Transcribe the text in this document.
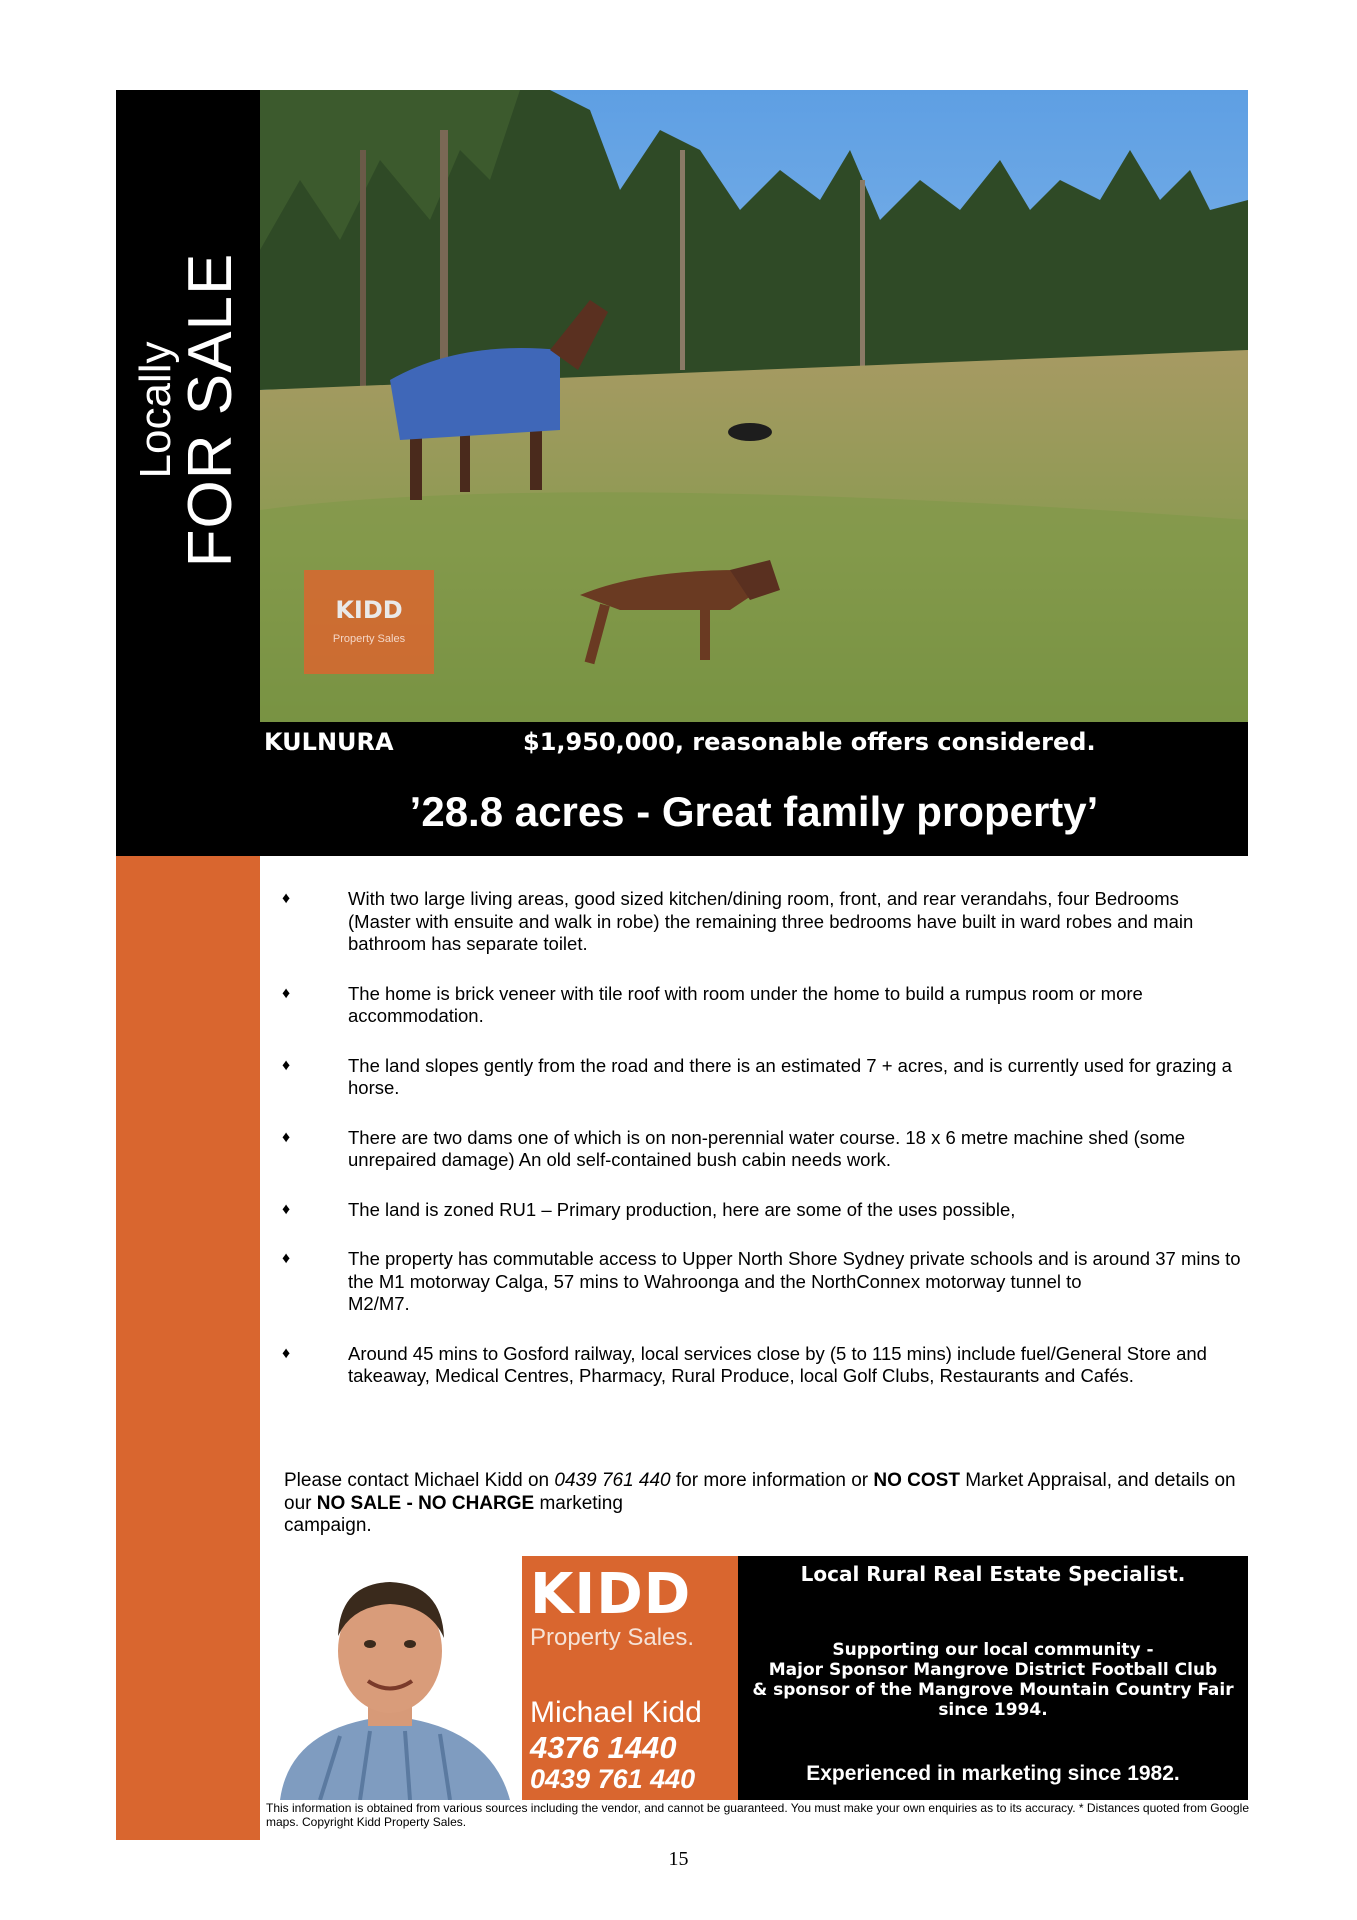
Locally
FOR SALE
KIDD
Property Sales
KULNURA	$1,950,000, reasonable offers considered.
’28.8 acres - Great family property’
♦	With two large living areas, good sized kitchen/dining room, front, and rear verandahs, four Bedrooms (Master with ensuite and walk in robe) the remaining three bedrooms have built in ward robes and main bathroom has separate toilet.
♦	The home is brick veneer with tile roof with room under the home to build a rumpus room or more accommodation.
♦	The land slopes gently from the road and there is an estimated 7 + acres, and is currently used for grazing a horse.
♦	There are two dams one of which is on non-perennial water course. 18 x 6 metre machine shed (some unrepaired damage) An old self-contained bush cabin needs work.
♦	The land is zoned RU1 – Primary production, here are some of the uses possible,
♦	The property has commutable access to Upper North Shore Sydney private schools and is around 37 mins to the M1 motorway Calga, 57 mins to Wahroonga and the NorthConnex motorway tunnel to
M2/M7.
♦	Around 45 mins to Gosford railway, local services close by (5 to 115 mins) include fuel/General Store and takeaway, Medical Centres, Pharmacy, Rural Produce, local Golf Clubs, Restaurants and Cafés.
Please contact Michael Kidd on 0439 761 440 for more information or NO COST Market Appraisal, and details on our NO SALE - NO CHARGE marketing
campaign.
KIDD
Property Sales.
Michael Kidd
4376 1440
0439 761 440
Local Rural Real Estate Specialist.
Supporting our local community -
Major Sponsor Mangrove District Football Club
& sponsor of the Mangrove Mountain Country Fair
since 1994.
Experienced in marketing since 1982.
This information is obtained from various sources including the vendor, and cannot be guaranteed. You must make your own enquiries as to its accuracy. * Distances quoted from Google maps. Copyright Kidd Property Sales.
15
